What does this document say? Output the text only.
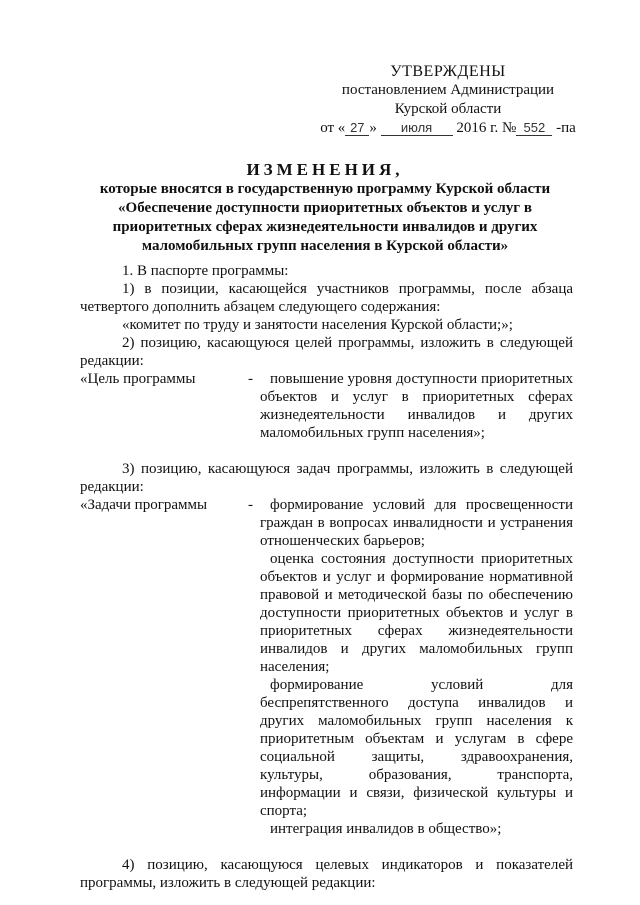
УТВЕРЖДЕНЫ
постановлением Администрации
Курской области
от « 27 » июля 2016 г. № 552 -па
ИЗМЕНЕНИЯ,
которые вносятся в государственную программу Курской области
«Обеспечение доступности приоритетных объектов и услуг в
приоритетных сферах жизнедеятельности инвалидов и других
маломобильных групп населения в Курской области»

1. В паспорте программы:

1) в позиции, касающейся участников программы, после абзаца четвертого дополнить абзацем следующего содержания:

«комитет по труду и занятости населения Курской области;»;

2) позицию, касающуюся целей программы, изложить в следующей редакции:

«Цель программы	-	повышение уровня доступности приоритетных объектов и услуг в приоритетных сферах жизнедеятельности инвалидов и других маломобильных групп населения»;

3) позицию, касающуюся задач программы, изложить в следующей редакции:

«Задачи программы	-	формирование условий для просвещенности граждан в вопросах инвалидности и устранения отношенческих барьеров;

оценка состояния доступности приоритетных объектов и услуг и формирование нормативной правовой и методической базы по обеспечению доступности приоритетных объектов и услуг в приоритетных сферах жизнедеятельности инвалидов и других маломобильных групп населения;

формирование условий для беспрепятственного доступа инвалидов и других маломобильных групп населения к приоритетным объектам и услугам в сфере социальной защиты, здравоохранения, культуры, образования, транспорта, информации и связи, физической культуры и спорта;

интеграция инвалидов в общество»;

4) позицию, касающуюся целевых индикаторов и показателей программы, изложить в следующей редакции:
